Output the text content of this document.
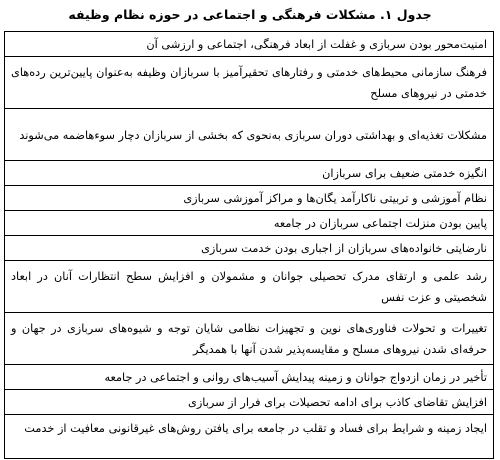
جدول ۱. مشکلات فرهنگی و اجتماعی در حوزه نظام وظیفه
امنیت‌محور بودن سربازی و غفلت از ابعاد فرهنگی، اجتماعی و ارزشی آن
فرهنگ سازمانی محیط‌های خدمتی و رفتارهای تحقیرآمیز با سربازان وظیفه به‌عنوان پایین‌ترین رده‌های خدمتی در نیروهای مسلح
مشکلات تغذیه‌ای و بهداشتی دوران سربازی به‌نحوی که بخشی از سربازان دچار سوءهاضمه می‌شوند
انگیزه خدمتی ضعیف برای سربازان
نظام آموزشی و تربیتی ناکارآمد یگان‌ها و مراکز آموزشی سربازی
پایین بودن منزلت اجتماعی سربازان در جامعه
نارضایتی خانواده‌های سربازان از اجباری بودن خدمت سربازی
رشد علمی و ارتقای مدرک تحصیلی جوانان و مشمولان و افزایش سطح انتظارات آنان در ابعاد شخصیتی و عزت نفس
تغییرات و تحولات فناوری‌های نوین و تجهیزات نظامی شایان توجه و شیوه‌های سربازی در جهان و حرفه‌ای شدن نیروهای مسلح و مقایسه‌پذیر شدن آنها با همدیگر
تأخیر در زمان ازدواج جوانان و زمینه پیدایش آسیب‌های روانی و اجتماعی در جامعه
افزایش تقاضای کاذب برای ادامه تحصیلات برای فرار از سربازی
ایجاد زمینه و شرایط برای فساد و تقلب در جامعه برای یافتن روش‌های غیرقانونی معافیت از خدمت
